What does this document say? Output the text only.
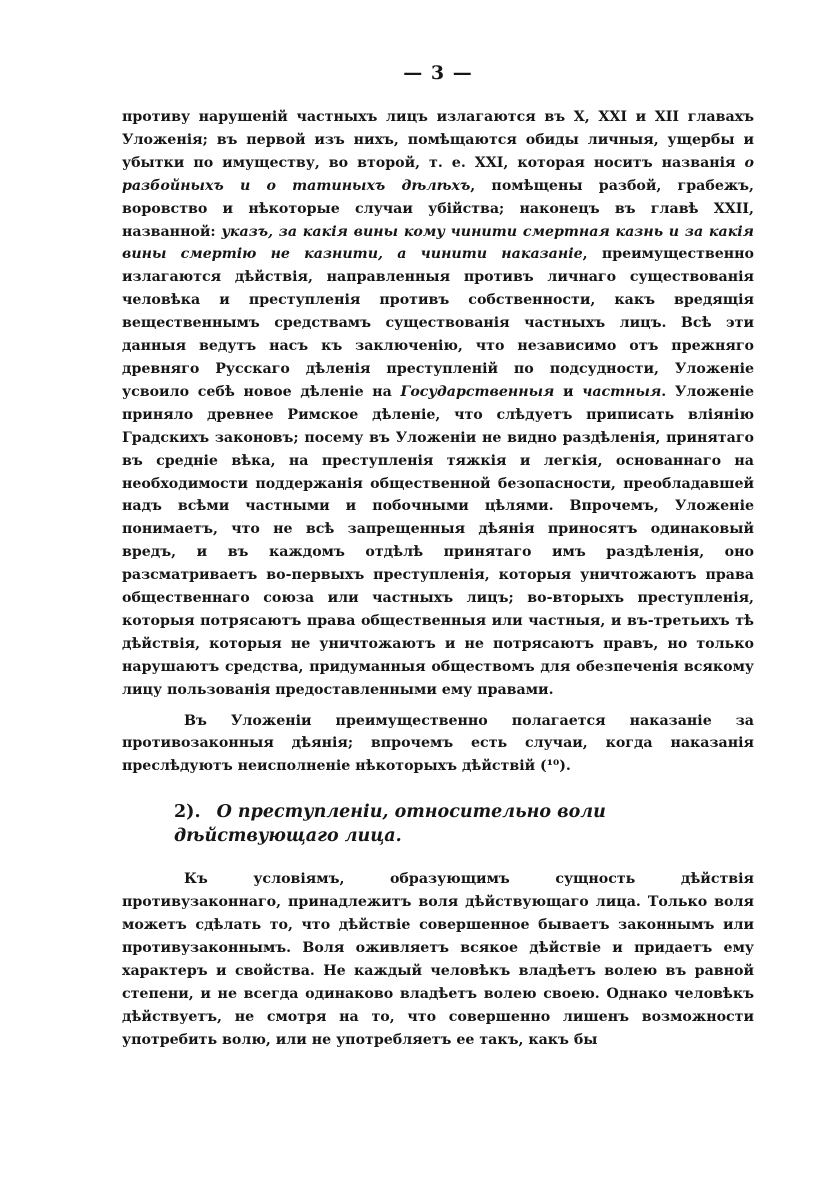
— 3 —

противу нарушеній частныхъ лицъ излагаются въ X, XXI и XII главахъ Уложенія; въ первой изъ нихъ, помѣщаются обиды личныя, ущербы и убытки по имуществу, во второй, т. е. XXI, которая носитъ названія о разбойныхъ и о татиныхъ дѣлѣхъ, помѣщены разбой, грабежъ, воровство и нѣкоторые случаи убійства; наконецъ въ главѣ XXII, названной: указъ, за какія вины кому чинити смертная казнь и за какія вины смертію не казнити, а чинити наказаніе, преимущественно излагаются дѣйствія, направленныя противъ личнаго существованія человѣка и преступленія противъ собственности, какъ вредящія вещественнымъ средствамъ существованія частныхъ лицъ. Всѣ эти данныя ведутъ насъ къ заключенію, что независимо отъ прежняго древняго Русскаго дѣленія преступленій по подсудности, Уложеніе усвоило себѣ новое дѣленіе на Государственныя и частныя. Уложеніе приняло древнее Римское дѣленіе, что слѣдуетъ приписать вліянію Градскихъ законовъ; посему въ Уложеніи не видно раздѣленія, принятаго въ средніе вѣка, на преступленія тяжкія и легкія, основаннаго на необходимости поддержанія общественной безопасности, преобладавшей надъ всѣми частными и побочными цѣлями. Впрочемъ, Уложеніе понимаетъ, что не всѣ запрещенныя дѣянія приносятъ одинаковый вредъ, и въ каждомъ отдѣлѣ принятаго имъ раздѣленія, оно разсматриваетъ во-первыхъ преступленія, которыя уничтожаютъ права общественнаго союза или частныхъ лицъ; во-вторыхъ преступленія, которыя потрясаютъ права общественныя или частныя, и въ-третьихъ тѣ дѣйствія, которыя не уничтожаютъ и не потрясаютъ правъ, но только нарушаютъ средства, придуманныя обществомъ для обезпеченія всякому лицу пользованія предоставленными ему правами.

Въ Уложеніи преимущественно полагается наказаніе за противозаконныя дѣянія; впрочемъ есть случаи, когда наказанія преслѣдуютъ неисполненіе нѣкоторыхъ дѣйствій (¹⁰).

2). О преступленіи, относительно воли дѣйствующаго лица.

Къ условіямъ, образующимъ сущность дѣйствія противузаконнаго, принадлежитъ воля дѣйствующаго лица. Только воля можетъ сдѣлать то, что дѣйствіе совершенное бываетъ законнымъ или противузаконнымъ. Воля оживляетъ всякое дѣйствіе и придаетъ ему характеръ и свойства. Не каждый человѣкъ владѣетъ волею въ равной степени, и не всегда одинаково владѣетъ волею своею. Однако человѣкъ дѣйствуетъ, не смотря на то, что совершенно лишенъ возможности употребить волю, или не употребляетъ ее такъ, какъ бы
